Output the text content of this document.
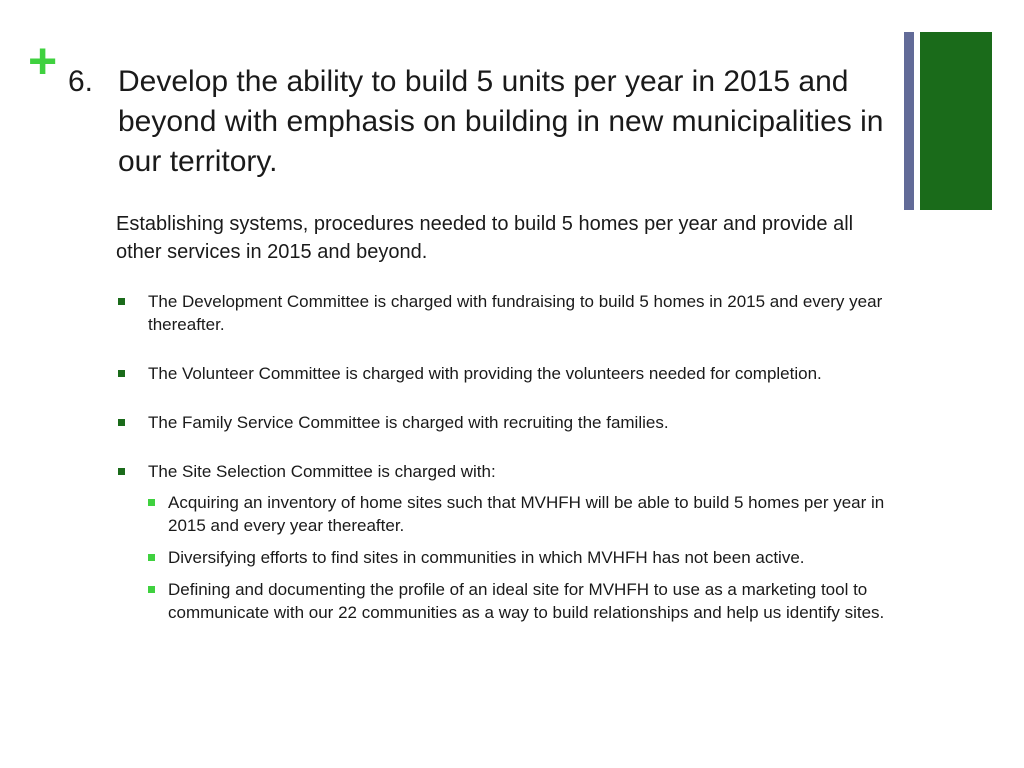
+ 6. Develop the ability to build 5 units per year in 2015 and beyond with emphasis on building in new municipalities in our territory.

Establishing systems, procedures needed to build 5 homes per year and provide all other services in 2015 and beyond.

The Development Committee is charged with fundraising to build 5 homes in 2015 and every year thereafter.
The Volunteer Committee is charged with providing the volunteers needed for completion.
The Family Service Committee is charged with recruiting the families.
The Site Selection Committee is charged with:
Acquiring an inventory of home sites such that MVHFH will be able to build 5 homes per year in 2015 and every year thereafter.
Diversifying efforts to find sites in communities in which MVHFH has not been active.
Defining and documenting the profile of an ideal site for MVHFH to use as a marketing tool to communicate with our 22 communities as a way to build relationships and help us identify sites.
